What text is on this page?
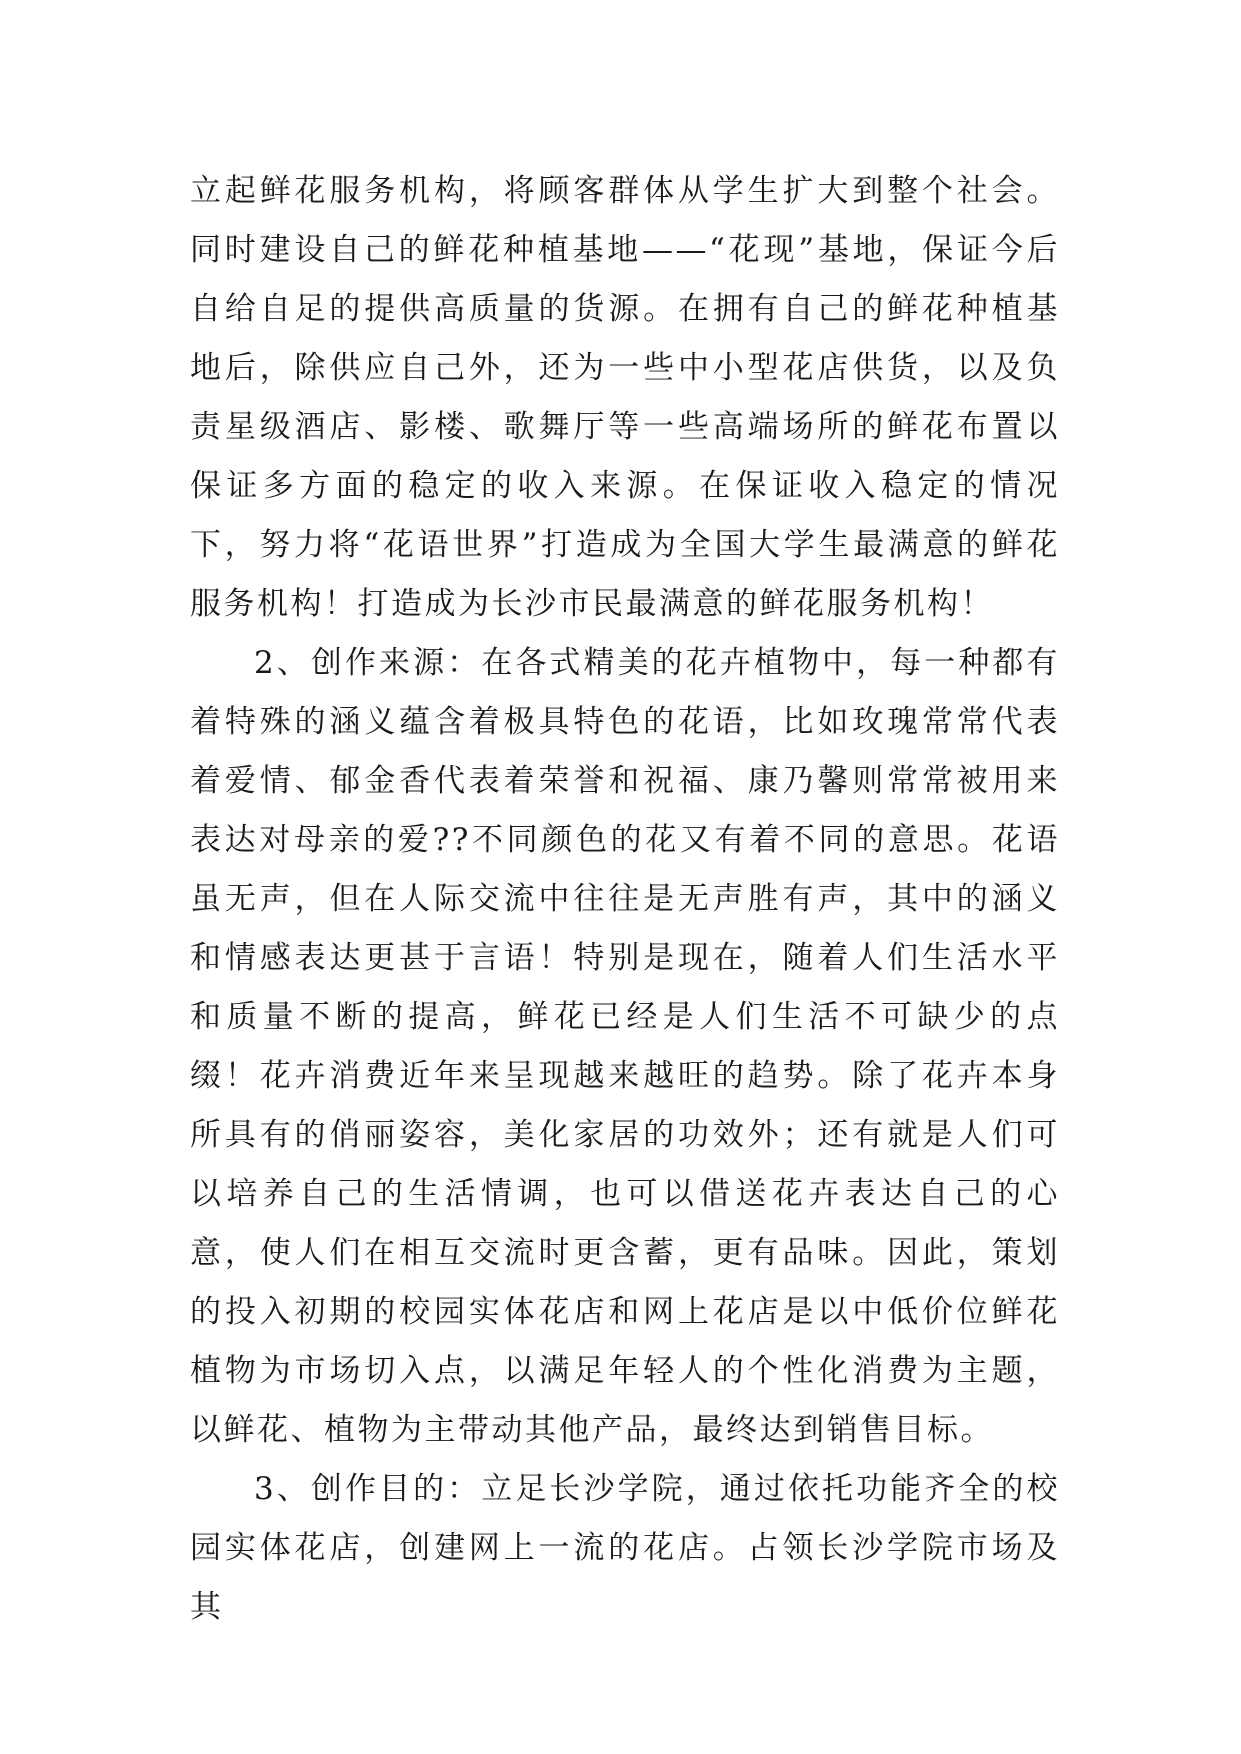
立起鲜花服务机构，将顾客群体从学生扩大到整个社会。同时建设自己的鲜花种植基地——“花现”基地，保证今后自给自足的提供高质量的货源。在拥有自己的鲜花种植基地后，除供应自己外，还为一些中小型花店供货，以及负责星级酒店、影楼、歌舞厅等一些高端场所的鲜花布置以保证多方面的稳定的收入来源。在保证收入稳定的情况下，努力将“花语世界”打造成为全国大学生最满意的鲜花服务机构！打造成为长沙市民最满意的鲜花服务机构！

2、创作来源：在各式精美的花卉植物中，每一种都有着特殊的涵义蕴含着极具特色的花语，比如玫瑰常常代表着爱情、郁金香代表着荣誉和祝福、康乃馨则常常被用来表达对母亲的爱??不同颜色的花又有着不同的意思。花语虽无声，但在人际交流中往往是无声胜有声，其中的涵义和情感表达更甚于言语！特别是现在，随着人们生活水平和质量不断的提高，鲜花已经是人们生活不可缺少的点缀！花卉消费近年来呈现越来越旺的趋势。除了花卉本身所具有的俏丽姿容，美化家居的功效外；还有就是人们可以培养自己的生活情调，也可以借送花卉表达自己的心意，使人们在相互交流时更含蓄，更有品味。因此，策划的投入初期的校园实体花店和网上花店是以中低价位鲜花植物为市场切入点，以满足年轻人的个性化消费为主题，以鲜花、植物为主带动其他产品，最终达到销售目标。

3、创作目的：立足长沙学院，通过依托功能齐全的校园实体花店，创建网上一流的花店。占领长沙学院市场及其
